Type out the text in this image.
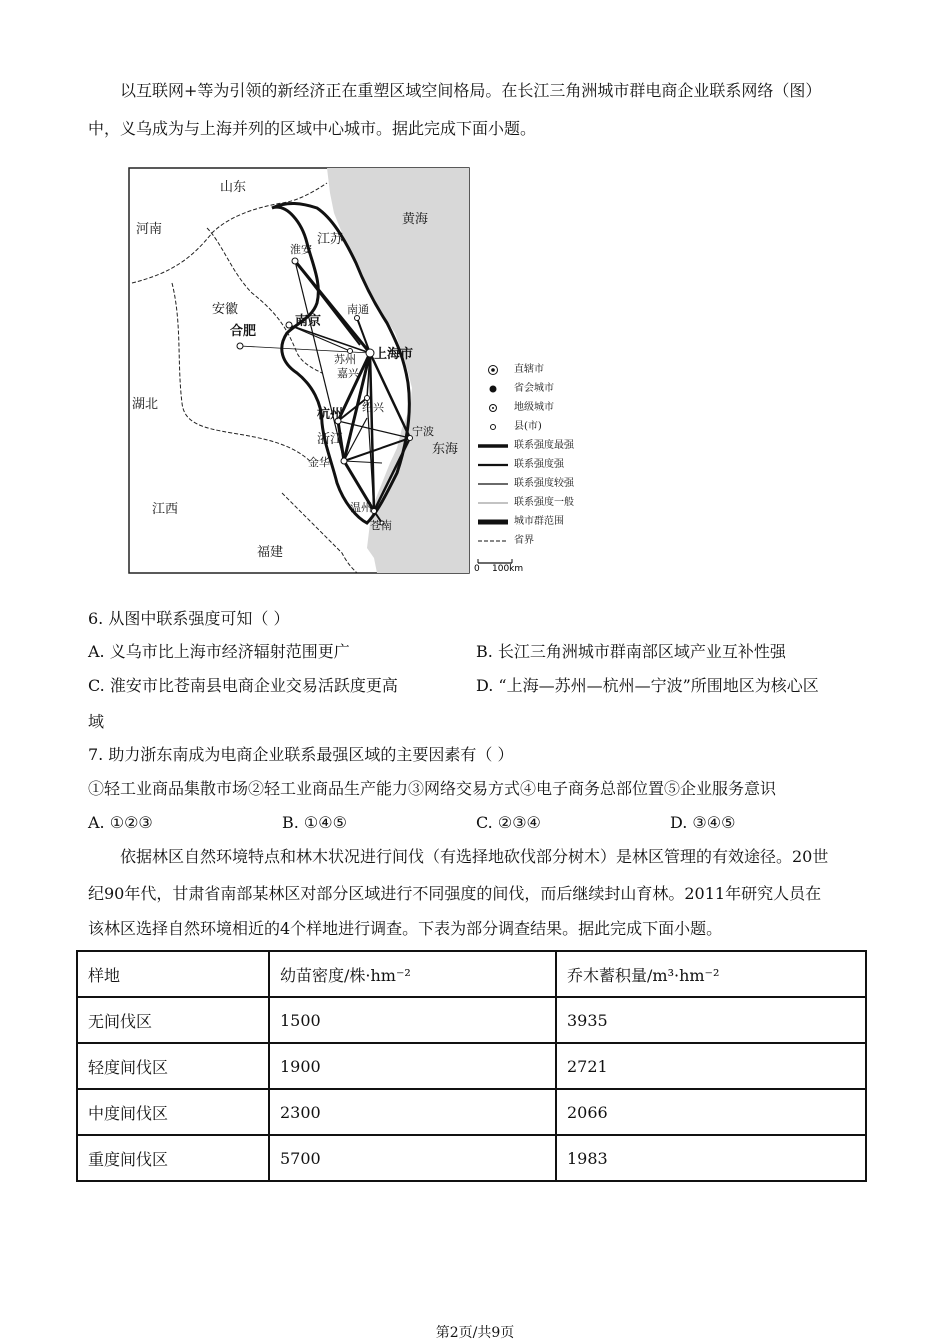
以互联网+等为引领的新经济正在重塑区域空间格局。在长江三角洲城市群电商企业联系网络（图）
中，义乌成为与上海并列的区域中心城市。据此完成下面小题。
山东
河南
安徽
湖北
江西
福建
江苏
浙江
黄海
东海
淮安
南京
合肥
南通
苏州
嘉兴
上海市
杭州 绍兴
金华
温州
苍南
宁波
0 100km
直辖市
省会城市
地级城市
县(市)
联系强度最强
联系强度强
联系强度较强
联系强度一般
城市群范围
省界
6. 从图中联系强度可知（ ）
A. 义乌市比上海市经济辐射范围更广	B. 长江三角洲城市群南部区域产业互补性强
C. 淮安市比苍南县电商企业交易活跃度更高	D. “上海—苏州—杭州—宁波”所围地区为核心区
域
7. 助力浙东南成为电商企业联系最强区域的主要因素有（ ）
①轻工业商品集散市场②轻工业商品生产能力③网络交易方式④电子商务总部位置⑤企业服务意识
A. ①②③	B. ①④⑤	C. ②③④	D. ③④⑤
依据林区自然环境特点和林木状况进行间伐（有选择地砍伐部分树木）是林区管理的有效途径。20世
纪90年代，甘肃省南部某林区对部分区域进行不同强度的间伐，而后继续封山育林。2011年研究人员在
该林区选择自然环境相近的4个样地进行调查。下表为部分调查结果。据此完成下面小题。
样地	幼苗密度/株·hm⁻²	乔木蓄积量/m³·hm⁻²
无间伐区	1500	3935
轻度间伐区	1900	2721
中度间伐区	2300	2066
重度间伐区	5700	1983
第2页/共9页
